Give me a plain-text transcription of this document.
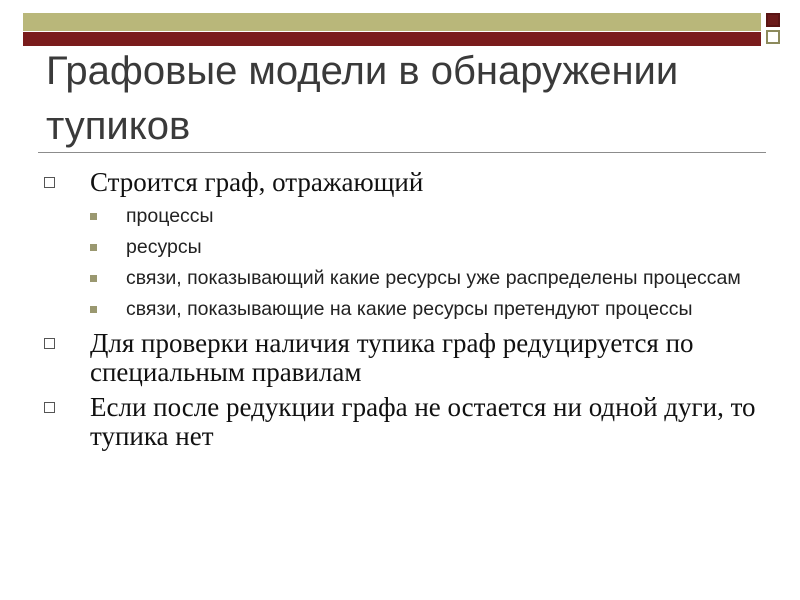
Графовые модели в обнаружении тупиков
Строится граф, отражающий
процессы
ресурсы
связи, показывающий какие ресурсы уже распределены процессам
связи, показывающие на какие ресурсы претендуют процессы
Для проверки наличия тупика граф редуцируется по специальным правилам
Если после редукции графа не остается ни одной дуги, то тупика нет
